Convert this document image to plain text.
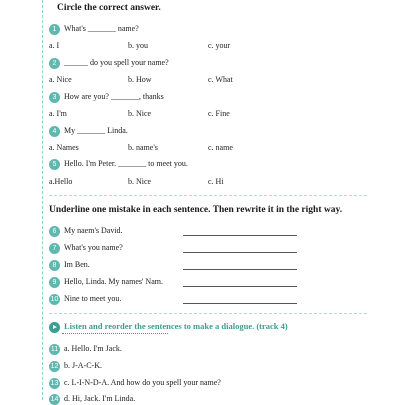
Circle the correct answer.
1 What's _______ name?
a. I	b. you	c. your
2 ______ do you spell your name?
a. Nice	b. How	c. What
3 How are you? _______, thanks
a. I'm	b. Nice	c. Fine
4 My _______ Linda.
a. Names	b. name's	c. name
5 Hello. I'm Peter. _______ to meet you.
a.Hello	b. Nice	c. Hi
Underline one mistake in each sentence. Then rewrite it in the right way.
6 My naem's David.
7 What's you name?
8 Im Ben.
9 Hello, Linda. My names' Nam.
10 Nine to meet you.
Listen and reorder the sentences to make a dialogue. (track 4)
11 a. Hello. I'm Jack.
12 b. J-A-C-K.
13 c. L-I-N-D-A. And how do you spell your name?
14 d. Hi, Jack. I'm Linda.
